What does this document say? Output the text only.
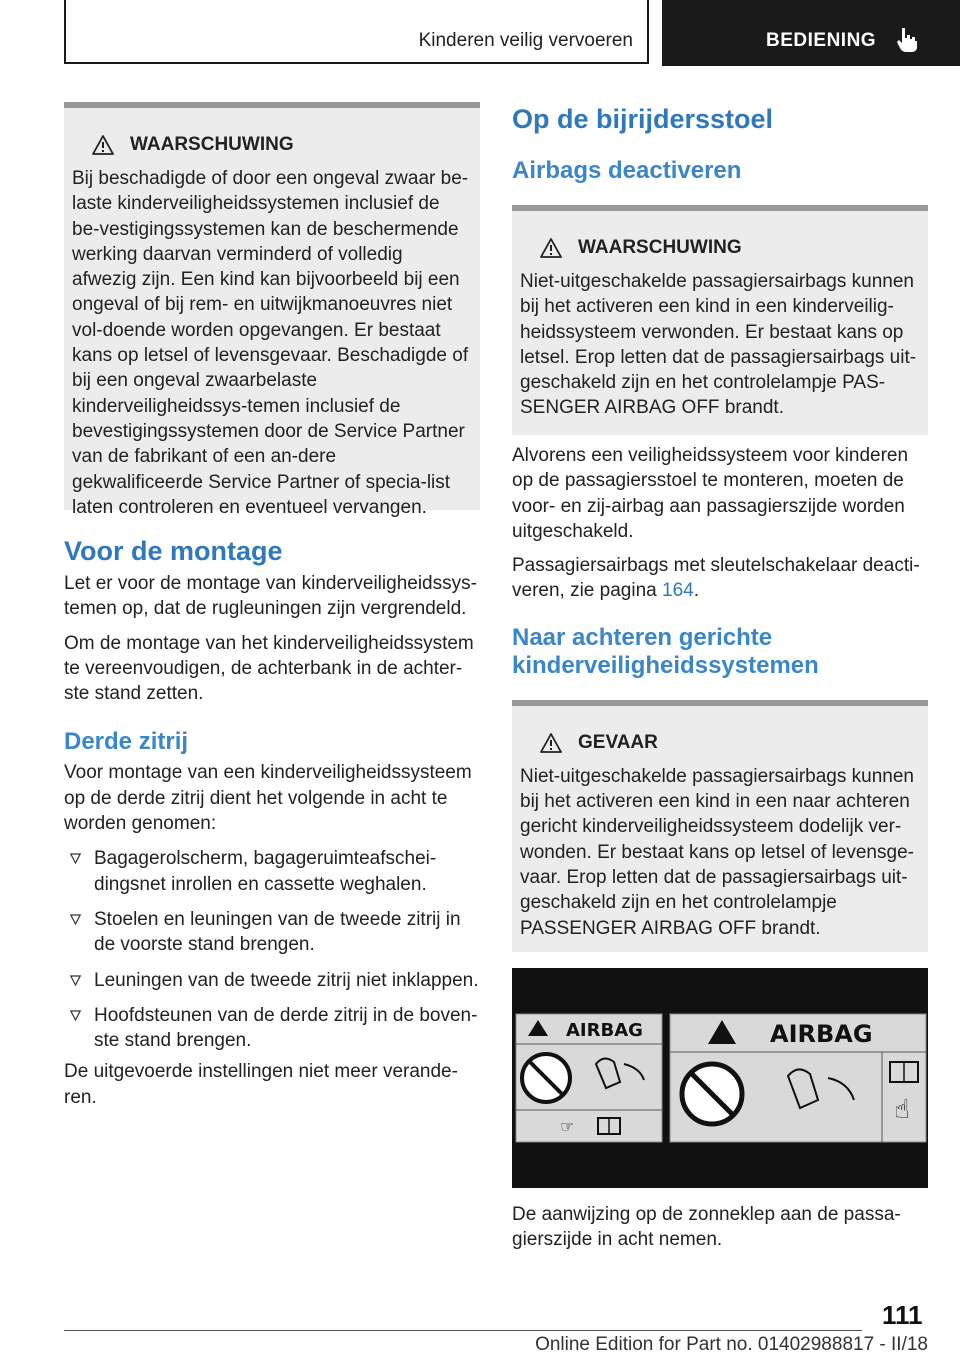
Kinderen veilig vervoeren	BEDIENING
WAARSCHUWING

Bij beschadigde of door een ongeval zwaar be-laste kinderveiligheidssystemen inclusief de be-vestigingssystemen kan de beschermende werking daarvan verminderd of volledig afwezig zijn. Een kind kan bijvoorbeeld bij een ongeval of bij rem- en uitwijkmanoeuvres niet vol-doende worden opgevangen. Er bestaat kans op letsel of levensgevaar. Beschadigde of bij een ongeval zwaarbelaste kinderveiligheidssys-temen inclusief de bevestigingssystemen door de Service Partner van de fabrikant of een an-dere gekwalificeerde Service Partner of specia-list laten controleren en eventueel vervangen.

Voor de montage

Let er voor de montage van kinderveiligheidssys-temen op, dat de rugleuningen zijn vergrendeld.

Om de montage van het kinderveiligheidssystem te vereenvoudigen, de achterbank in de achter-ste stand zetten.

Derde zitrij

Voor montage van een kinderveiligheidssysteem op de derde zitrij dient het volgende in acht te worden genomen:

Bagagerolscherm, bagageruimteafschei-dingsnet inrollen en cassette weghalen.
Stoelen en leuningen van de tweede zitrij in de voorste stand brengen.
Leuningen van de tweede zitrij niet inklappen.
Hoofdsteunen van de derde zitrij in de boven-ste stand brengen.

De uitgevoerde instellingen niet meer verande-ren.

Op de bijrijdersstoel
Airbags deactiveren
WAARSCHUWING

Niet-uitgeschakelde passagiersairbags kunnen bij het activeren een kind in een kinderveilig-heidssysteem verwonden. Er bestaat kans op letsel. Erop letten dat de passagiersairbags uit-geschakeld zijn en het controlelampje PAS-SENGER AIRBAG OFF brandt.

Alvorens een veiligheidssysteem voor kinderen op de passagiersstoel te monteren, moeten de voor- en zij-airbag aan passagierszijde worden uitgeschakeld.

Passagiersairbags met sleutelschakelaar deacti-veren, zie pagina 164.

Naar achteren gerichte kinderveiligheidssystemen
GEVAAR

Niet-uitgeschakelde passagiersairbags kunnen bij het activeren een kind in een naar achteren gericht kinderveiligheidssysteem dodelijk ver-wonden. Er bestaat kans op letsel of levensge-vaar. Erop letten dat de passagiersairbags uit-geschakeld zijn en het controlelampje PASSENGER AIRBAG OFF brandt.

AIRBAG
☞
AIRBAG
☝

De aanwijzing op de zonneklep aan de passa-gierszijde in acht nemen.

111
Online Edition for Part no. 01402988817 - II/18
